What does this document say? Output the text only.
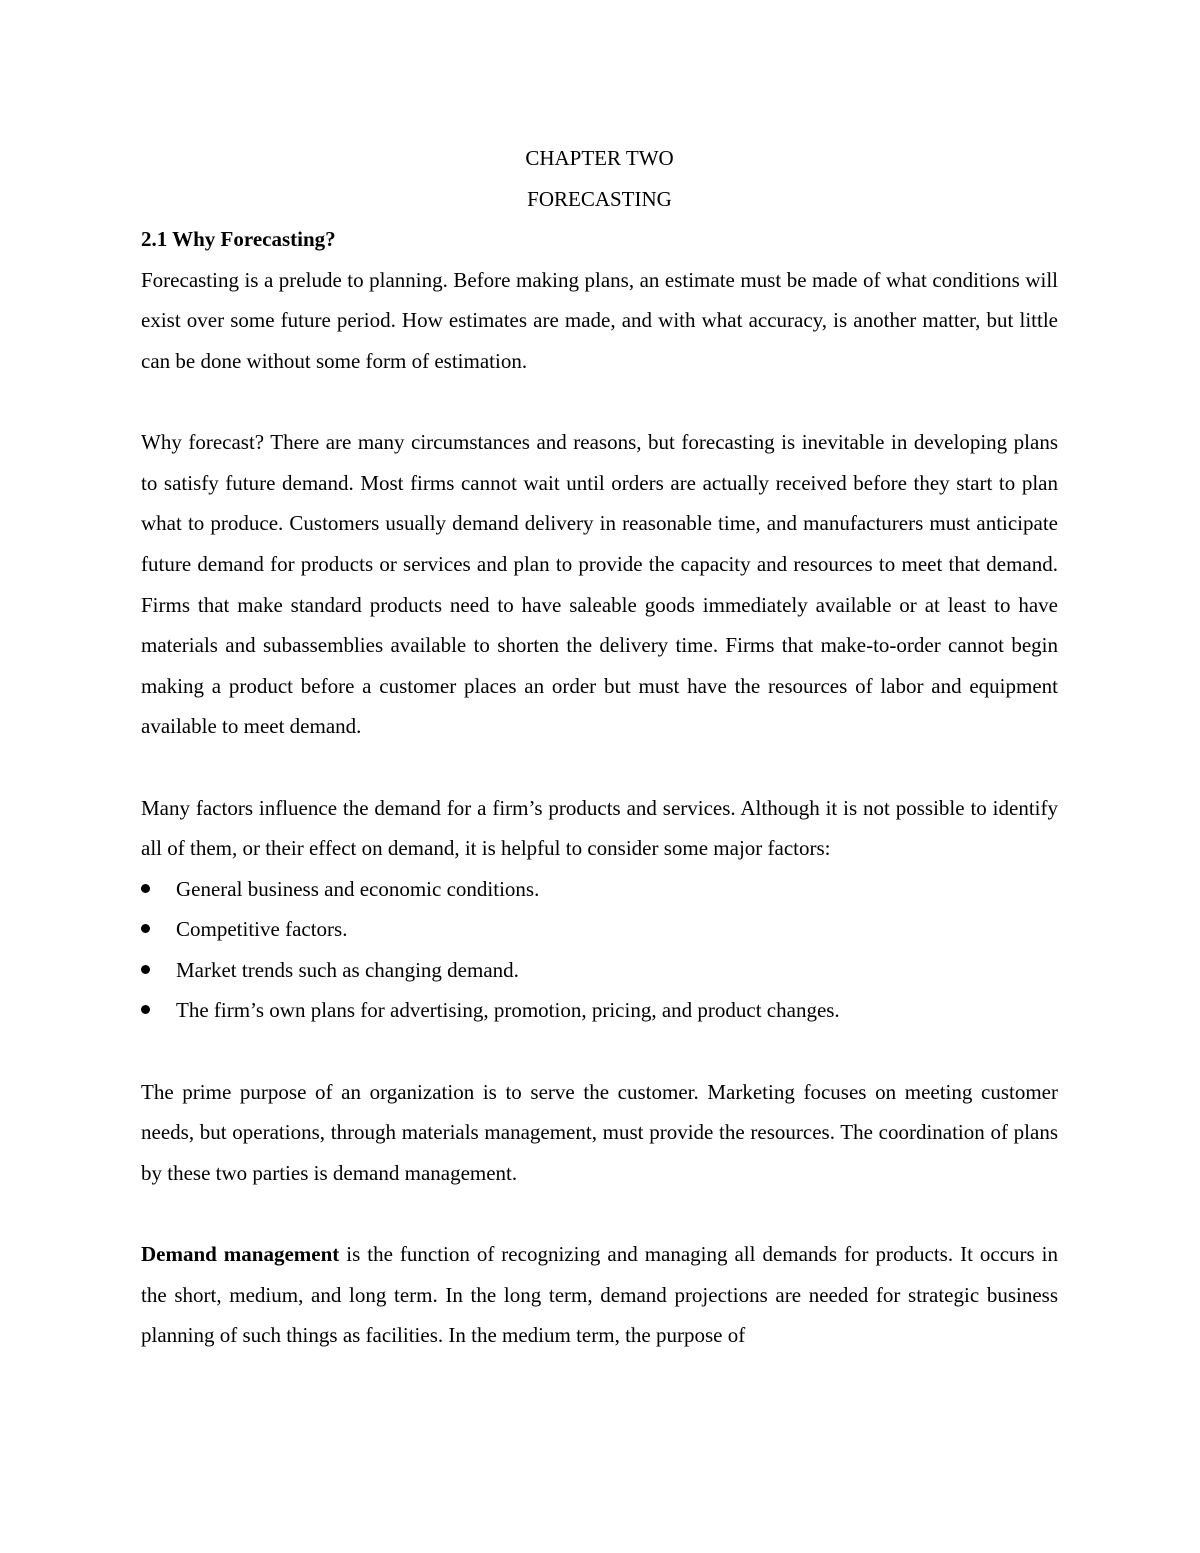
CHAPTER TWO

FORECASTING

2.1 Why Forecasting?

Forecasting is a prelude to planning. Before making plans, an estimate must be made of what conditions will exist over some future period. How estimates are made, and with what accuracy, is another matter, but little can be done without some form of estimation.

Why forecast? There are many circumstances and reasons, but forecasting is inevitable in developing plans to satisfy future demand. Most firms cannot wait until orders are actually received before they start to plan what to produce. Customers usually demand delivery in reasonable time, and manufacturers must anticipate future demand for products or services and plan to provide the capacity and resources to meet that demand. Firms that make standard products need to have saleable goods immediately available or at least to have materials and subassemblies available to shorten the delivery time. Firms that make-to-order cannot begin making a product before a customer places an order but must have the resources of labor and equipment available to meet demand.

Many factors influence the demand for a firm’s products and services. Although it is not possible to identify all of them, or their effect on demand, it is helpful to consider some major factors:

General business and economic conditions.
Competitive factors.
Market trends such as changing demand.
The firm’s own plans for advertising, promotion, pricing, and product changes.

The prime purpose of an organization is to serve the customer. Marketing focuses on meeting customer needs, but operations, through materials management, must provide the resources. The coordination of plans by these two parties is demand management.

Demand management is the function of recognizing and managing all demands for products. It occurs in the short, medium, and long term. In the long term, demand projections are needed for strategic business planning of such things as facilities. In the medium term, the purpose of
